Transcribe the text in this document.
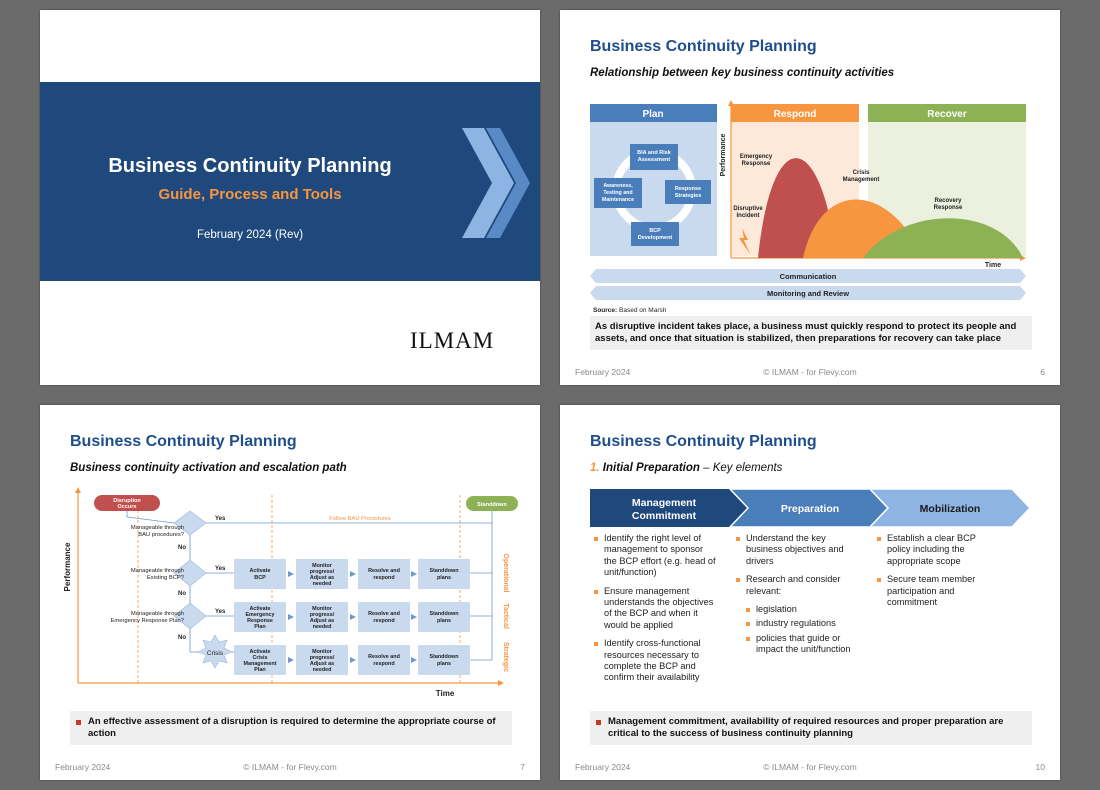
Business Continuity Planning
Guide, Process and Tools
February 2024 (Rev)
ILMAM
Business Continuity Planning
Relationship between key business continuity activities
Plan
BIA and Risk
Assessment
Response
Strategies
BCP
Development
Awareness,
Testing and
Maintenance
Respond	Recover
Performance
Time
Emergency
Response
Crisis
Management
Recovery
Response
Disruptive
Incident
Communication
Monitoring and Review
Source: Based on Marsh
As disruptive incident takes place, a business must quickly respond to protect its people and assets, and once that situation is stabilized, then preparations for recovery can take place
February 2024	© ILMAM - for Flevy.com	6
Business Continuity Planning
Business continuity activation and escalation path
Performance
Time
Disruption
Occurs	Standdown
Manageable through
BAU procedures?
Manageable through
Existing BCP?
Manageable through
Emergency Response Plan?
Crisis
Yes
Yes
Yes
No
No
No
Follow BAU Procedures
Activate
BCP
Monitor
progress/
Adjust as
needed
Resolve and
respond
Standdown
plans
Activate
Emergency
Response
Plan
Monitor
progress/
Adjust as
needed
Resolve and
respond
Standdown
plans
Activate
Crisis
Management
Plan
Monitor
progress/
Adjust as
needed
Resolve and
respond
Standdown
plans
Operational
Tactical
Strategic
An effective assessment of a disruption is required to determine the appropriate course of action
February 2024	© ILMAM - for Flevy.com	7
Business Continuity Planning
1. Initial Preparation – Key elements
Management
Commitment
Preparation	Mobilization
Identify the right level of management to sponsor the BCP effort (e.g. head of unit/function)
Ensure management understands the objectives of the BCP and when it would be applied
Identify cross-functional resources necessary to complete the BCP and confirm their availability
Understand the key business objectives and drivers
Research and consider relevant:
legislation
industry regulations
policies that guide or impact the unit/function
Establish a clear BCP policy including the appropriate scope
Secure team member participation and commitment
Management commitment, availability of required resources and proper preparation are critical to the success of business continuity planning
February 2024	© ILMAM - for Flevy.com	10
